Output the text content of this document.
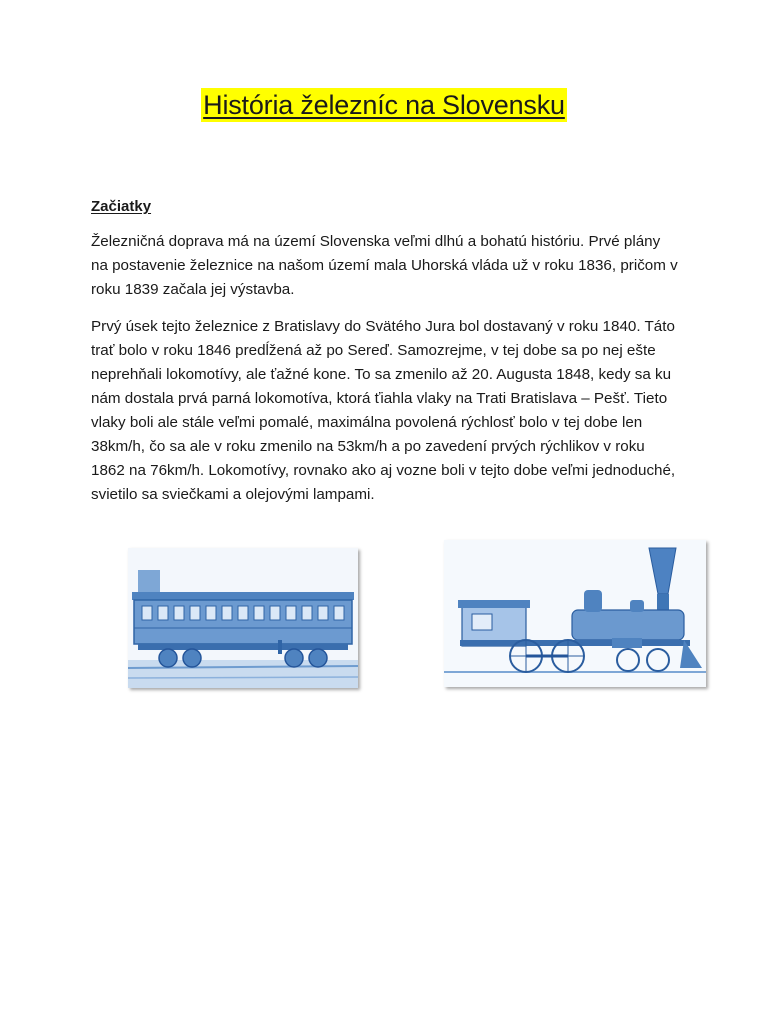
História železníc na Slovensku
Začiatky

Železničná doprava má na území Slovenska veľmi dlhú a bohatú históriu. Prvé plány na postavenie železnice na našom území mala Uhorská vláda už v roku 1836, pričom v roku 1839 začala jej výstavba.

Prvý úsek tejto železnice z Bratislavy do Svätého Jura bol dostavaný v roku 1840. Táto trať bolo v roku 1846 predĺžená až po Sereď. Samozrejme, v tej dobe sa po nej ešte neprehňali lokomotívy, ale ťažné kone. To sa zmenilo až 20. Augusta 1848, kedy sa ku nám dostala prvá parná lokomotíva, ktorá ťiahla vlaky na Trati Bratislava – Pešť. Tieto vlaky boli ale stále veľmi pomalé, maximálna povolená rýchlosť bolo v tej dobe len 38km/h, čo sa ale v roku zmenilo na 53km/h a po zavedení prvých rýchlikov v roku 1862 na 76km/h. Lokomotívy, rovnako ako aj vozne boli v tejto dobe veľmi jednoduché, svietilo sa sviečkami a olejovými lampami.
